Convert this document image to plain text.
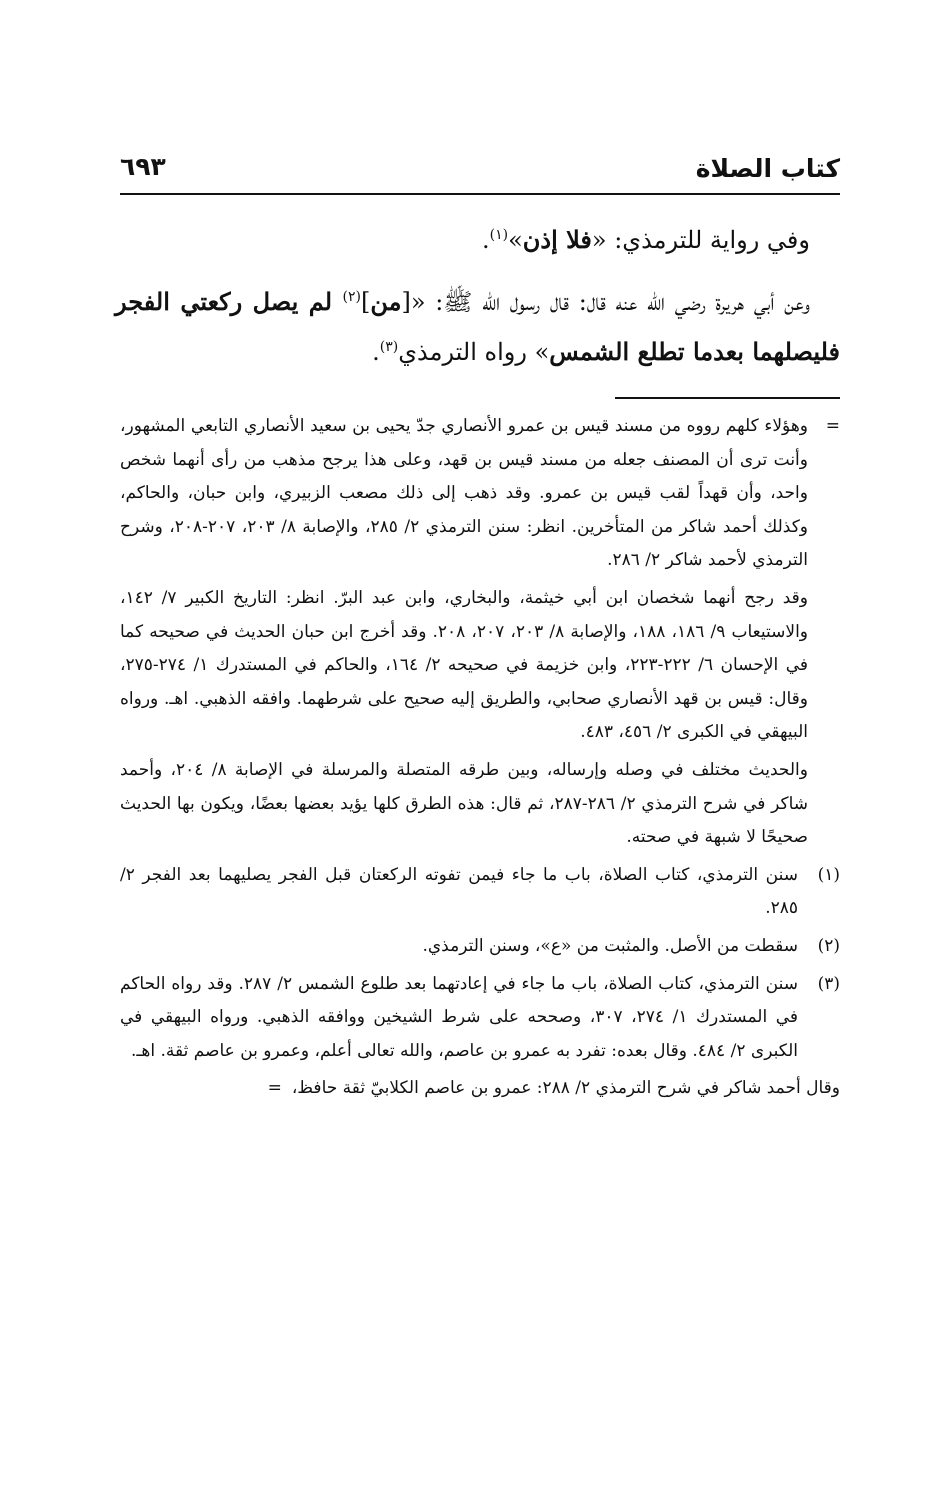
كتاب الصلاة
٦٩٣

وفي رواية للترمذي: «فلا إذن»$^{(١)}$.

وعن أبي هريرة رضي الله عنه قال: قال رسول الله ﷺ: «[من]$^{(٢)}$ لم يصل ركعتي الفجر فليصلهما بعدما تطلع الشمس» رواه الترمذي$^{(٣)}$.

=
وهؤلاء كلهم رووه من مسند قيس بن عمرو الأنصاري جدّ يحيى بن سعيد الأنصاري التابعي المشهور، وأنت ترى أن المصنف جعله من مسند قيس بن قهد، وعلى هذا يرجح مذهب من رأى أنهما شخص واحد، وأن قهداً لقب قيس بن عمرو. وقد ذهب إلى ذلك مصعب الزبيري، وابن حبان، والحاكم، وكذلك أحمد شاكر من المتأخرين. انظر: سنن الترمذي ٢/ ٢٨٥، والإصابة ٨/ ٢٠٣، ٢٠٧-٢٠٨، وشرح الترمذي لأحمد شاكر ٢/ ٢٨٦.

وقد رجح أنهما شخصان ابن أبي خيثمة، والبخاري، وابن عبد البرّ. انظر: التاريخ الكبير ٧/ ١٤٢، والاستيعاب ٩/ ١٨٦، ١٨٨، والإصابة ٨/ ٢٠٣، ٢٠٧، ٢٠٨. وقد أخرج ابن حبان الحديث في صحيحه كما في الإحسان ٦/ ٢٢٢-٢٢٣، وابن خزيمة في صحيحه ٢/ ١٦٤، والحاكم في المستدرك ١/ ٢٧٤-٢٧٥، وقال: قيس بن قهد الأنصاري صحابي، والطريق إليه صحيح على شرطهما. وافقه الذهبي. اهـ. ورواه البيهقي في الكبرى ٢/ ٤٥٦، ٤٨٣.

والحديث مختلف في وصله وإرساله، وبين طرقه المتصلة والمرسلة في الإصابة ٨/ ٢٠٤، وأحمد شاكر في شرح الترمذي ٢/ ٢٨٦-٢٨٧، ثم قال: هذه الطرق كلها يؤيد بعضها بعضًا، ويكون بها الحديث صحيحًا لا شبهة في صحته.

(١)
سنن الترمذي، كتاب الصلاة، باب ما جاء فيمن تفوته الركعتان قبل الفجر يصليهما بعد الفجر ٢/ ٢٨٥.

(٢)
سقطت من الأصل. والمثبت من «ع»، وسنن الترمذي.

(٣)
سنن الترمذي، كتاب الصلاة، باب ما جاء في إعادتهما بعد طلوع الشمس ٢/ ٢٨٧. وقد رواه الحاكم في المستدرك ١/ ٢٧٤، ٣٠٧، وصححه على شرط الشيخين ووافقه الذهبي. ورواه البيهقي في الكبرى ٢/ ٤٨٤. وقال بعده: تفرد به عمرو بن عاصم، والله تعالى أعلم، وعمرو بن عاصم ثقة. اهـ.

وقال أحمد شاكر في شرح الترمذي ٢/ ٢٨٨: عمرو بن عاصم الكلابيّ ثقة حافظ،=
